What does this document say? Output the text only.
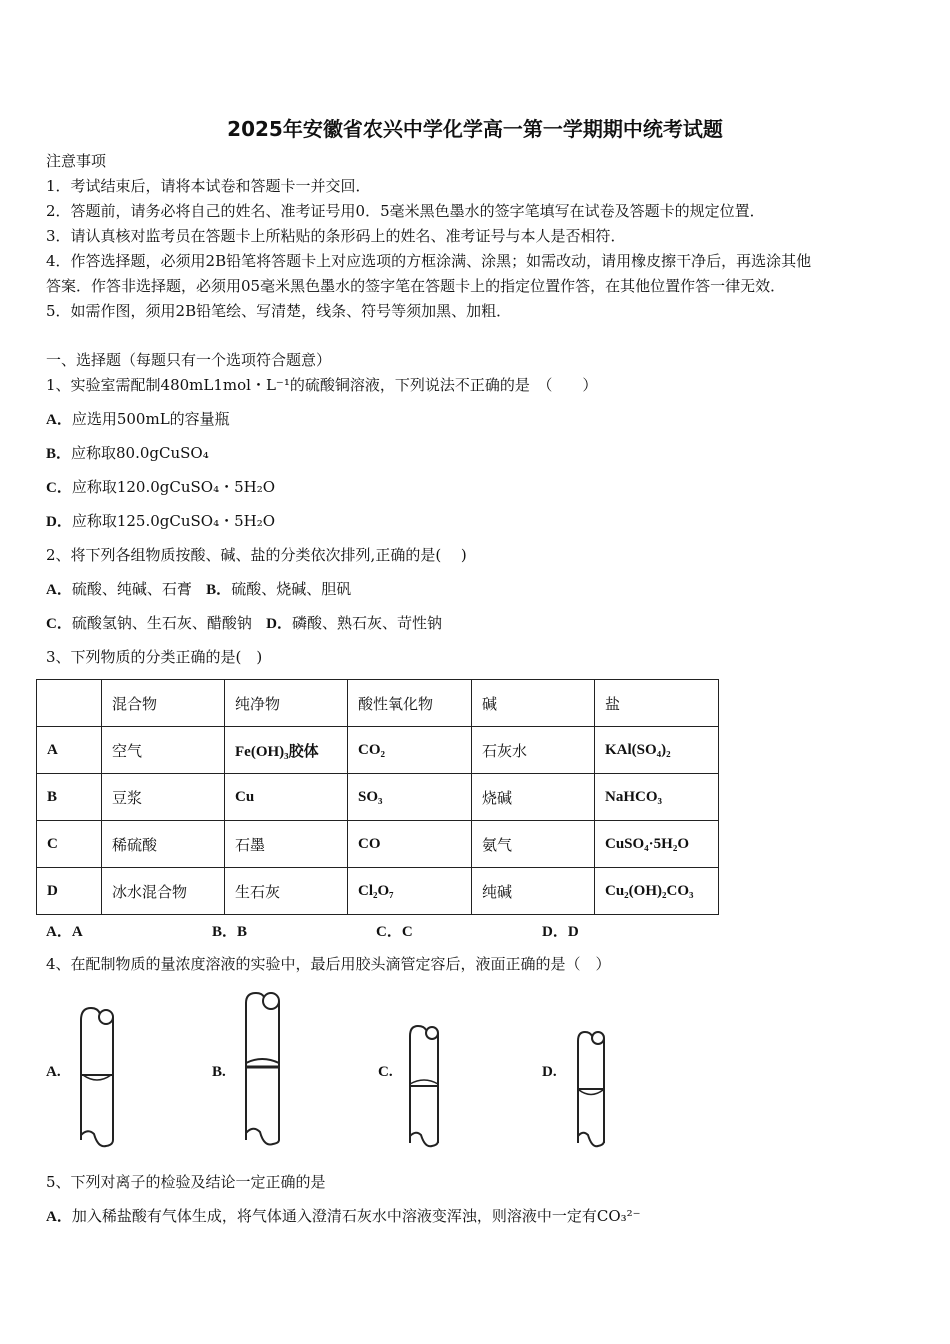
2025年安徽省农兴中学化学高一第一学期期中统考试题
注意事项
1．考试结束后，请将本试卷和答题卡一并交回．
2．答题前，请务必将自己的姓名、准考证号用0．5毫米黑色墨水的签字笔填写在试卷及答题卡的规定位置．
3．请认真核对监考员在答题卡上所粘贴的条形码上的姓名、准考证号与本人是否相符．
4．作答选择题，必须用2B铅笔将答题卡上对应选项的方框涂满、涂黑；如需改动，请用橡皮擦干净后，再选涂其他
答案．作答非选择题，必须用05毫米黑色墨水的签字笔在答题卡上的指定位置作答，在其他位置作答一律无效．
5．如需作图，须用2B铅笔绘、写清楚，线条、符号等须加黑、加粗．
一、选择题（每题只有一个选项符合题意）
1、实验室需配制480mL1mol・L⁻¹的硫酸铜溶液，下列说法不正确的是　（　　）
A．应选用500mL的容量瓶
B．应称取80.0gCuSO₄
C．应称取120.0gCuSO₄・5H₂O
D．应称取125.0gCuSO₄・5H₂O
2、将下列各组物质按酸、碱、盐的分类依次排列,正确的是(　 )
A．硫酸、纯碱、石膏 B．硫酸、烧碱、胆矾
C．硫酸氢钠、生石灰、醋酸钠 D．磷酸、熟石灰、苛性钠
3、下列物质的分类正确的是(　)
	混合物	纯净物	酸性氧化物	碱	盐
A	空气	Fe(OH)₃胶体	CO₂	石灰水	KAl(SO₄)₂
B	豆浆	Cu	SO₃	烧碱	NaHCO₃
C	稀硫酸	石墨	CO	氨气	CuSO₄·5H₂O
D	冰水混合物	生石灰	Cl₂O₇	纯碱	Cu₂(OH)₂CO₃
A．A	B．B	C．C	D．D
4、在配制物质的量浓度溶液的实验中，最后用胶头滴管定容后，液面正确的是（　）
A.	B.	C.	D.
5、下列对离子的检验及结论一定正确的是
A．加入稀盐酸有气体生成，将气体通入澄清石灰水中溶液变浑浊，则溶液中一定有CO₃²⁻
